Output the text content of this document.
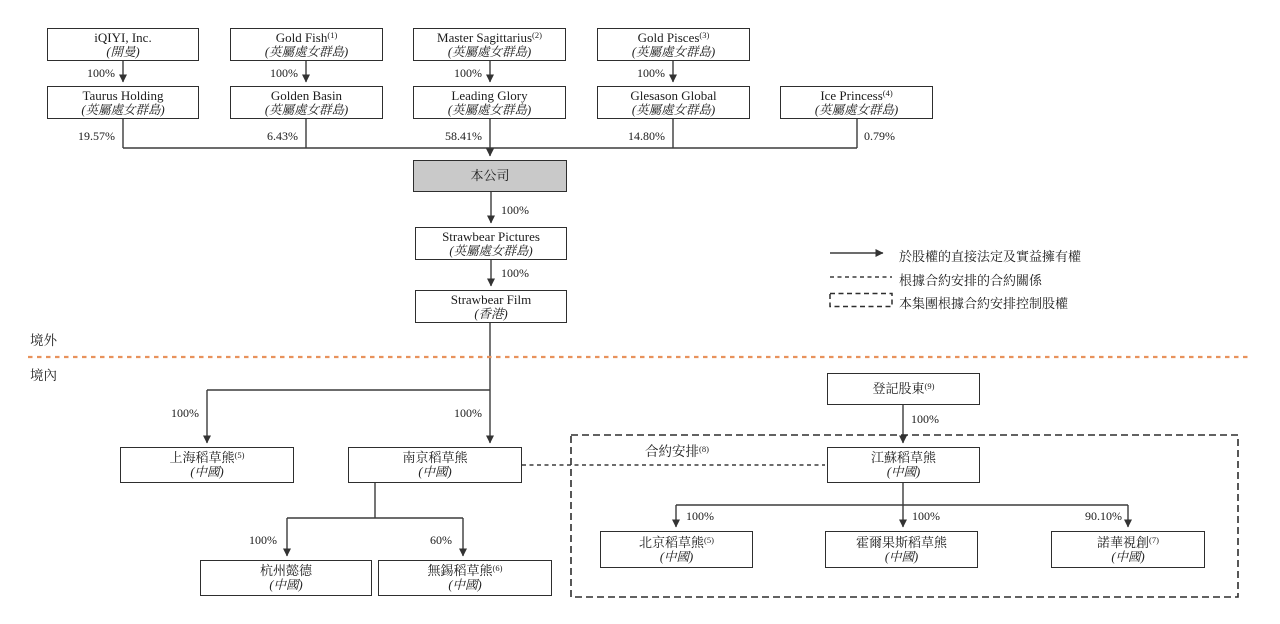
iQIYI, Inc.
(開曼)
Gold Fish$^{(1)}$
(英屬處女群島)
Master Sagittarius$^{(2)}$
(英屬處女群島)
Gold Pisces$^{(3)}$
(英屬處女群島)
100%	100%	100%	100%
Taurus Holding
(英屬處女群島)
Golden Basin
(英屬處女群島)
Leading Glory
(英屬處女群島)
Glesason Global
(英屬處女群島)
Ice Princess$^{(4)}$
(英屬處女群島)
19.57%	6.43%	58.41%	14.80%	0.79%
本公司
100%
Strawbear Pictures
(英屬處女群島)
100%
Strawbear Film
(香港)
於股權的直接法定及實益擁有權
根據合約安排的合約關係
本集團根據合約安排控制股權
境外
境內
登記股東$^{(9)}$
100%
100%	100%
合約安排$^{(8)}$
上海稻草熊$^{(5)}$
(中國)
南京稻草熊
(中國)
江蘇稻草熊
(中國)
100%	60%
杭州懿德
(中國)
無錫稻草熊$^{(6)}$
(中國)
100%	100%	90.10%
北京稻草熊$^{(5)}$
(中國)
霍爾果斯稻草熊
(中國)
諾華視創$^{(7)}$
(中國)
